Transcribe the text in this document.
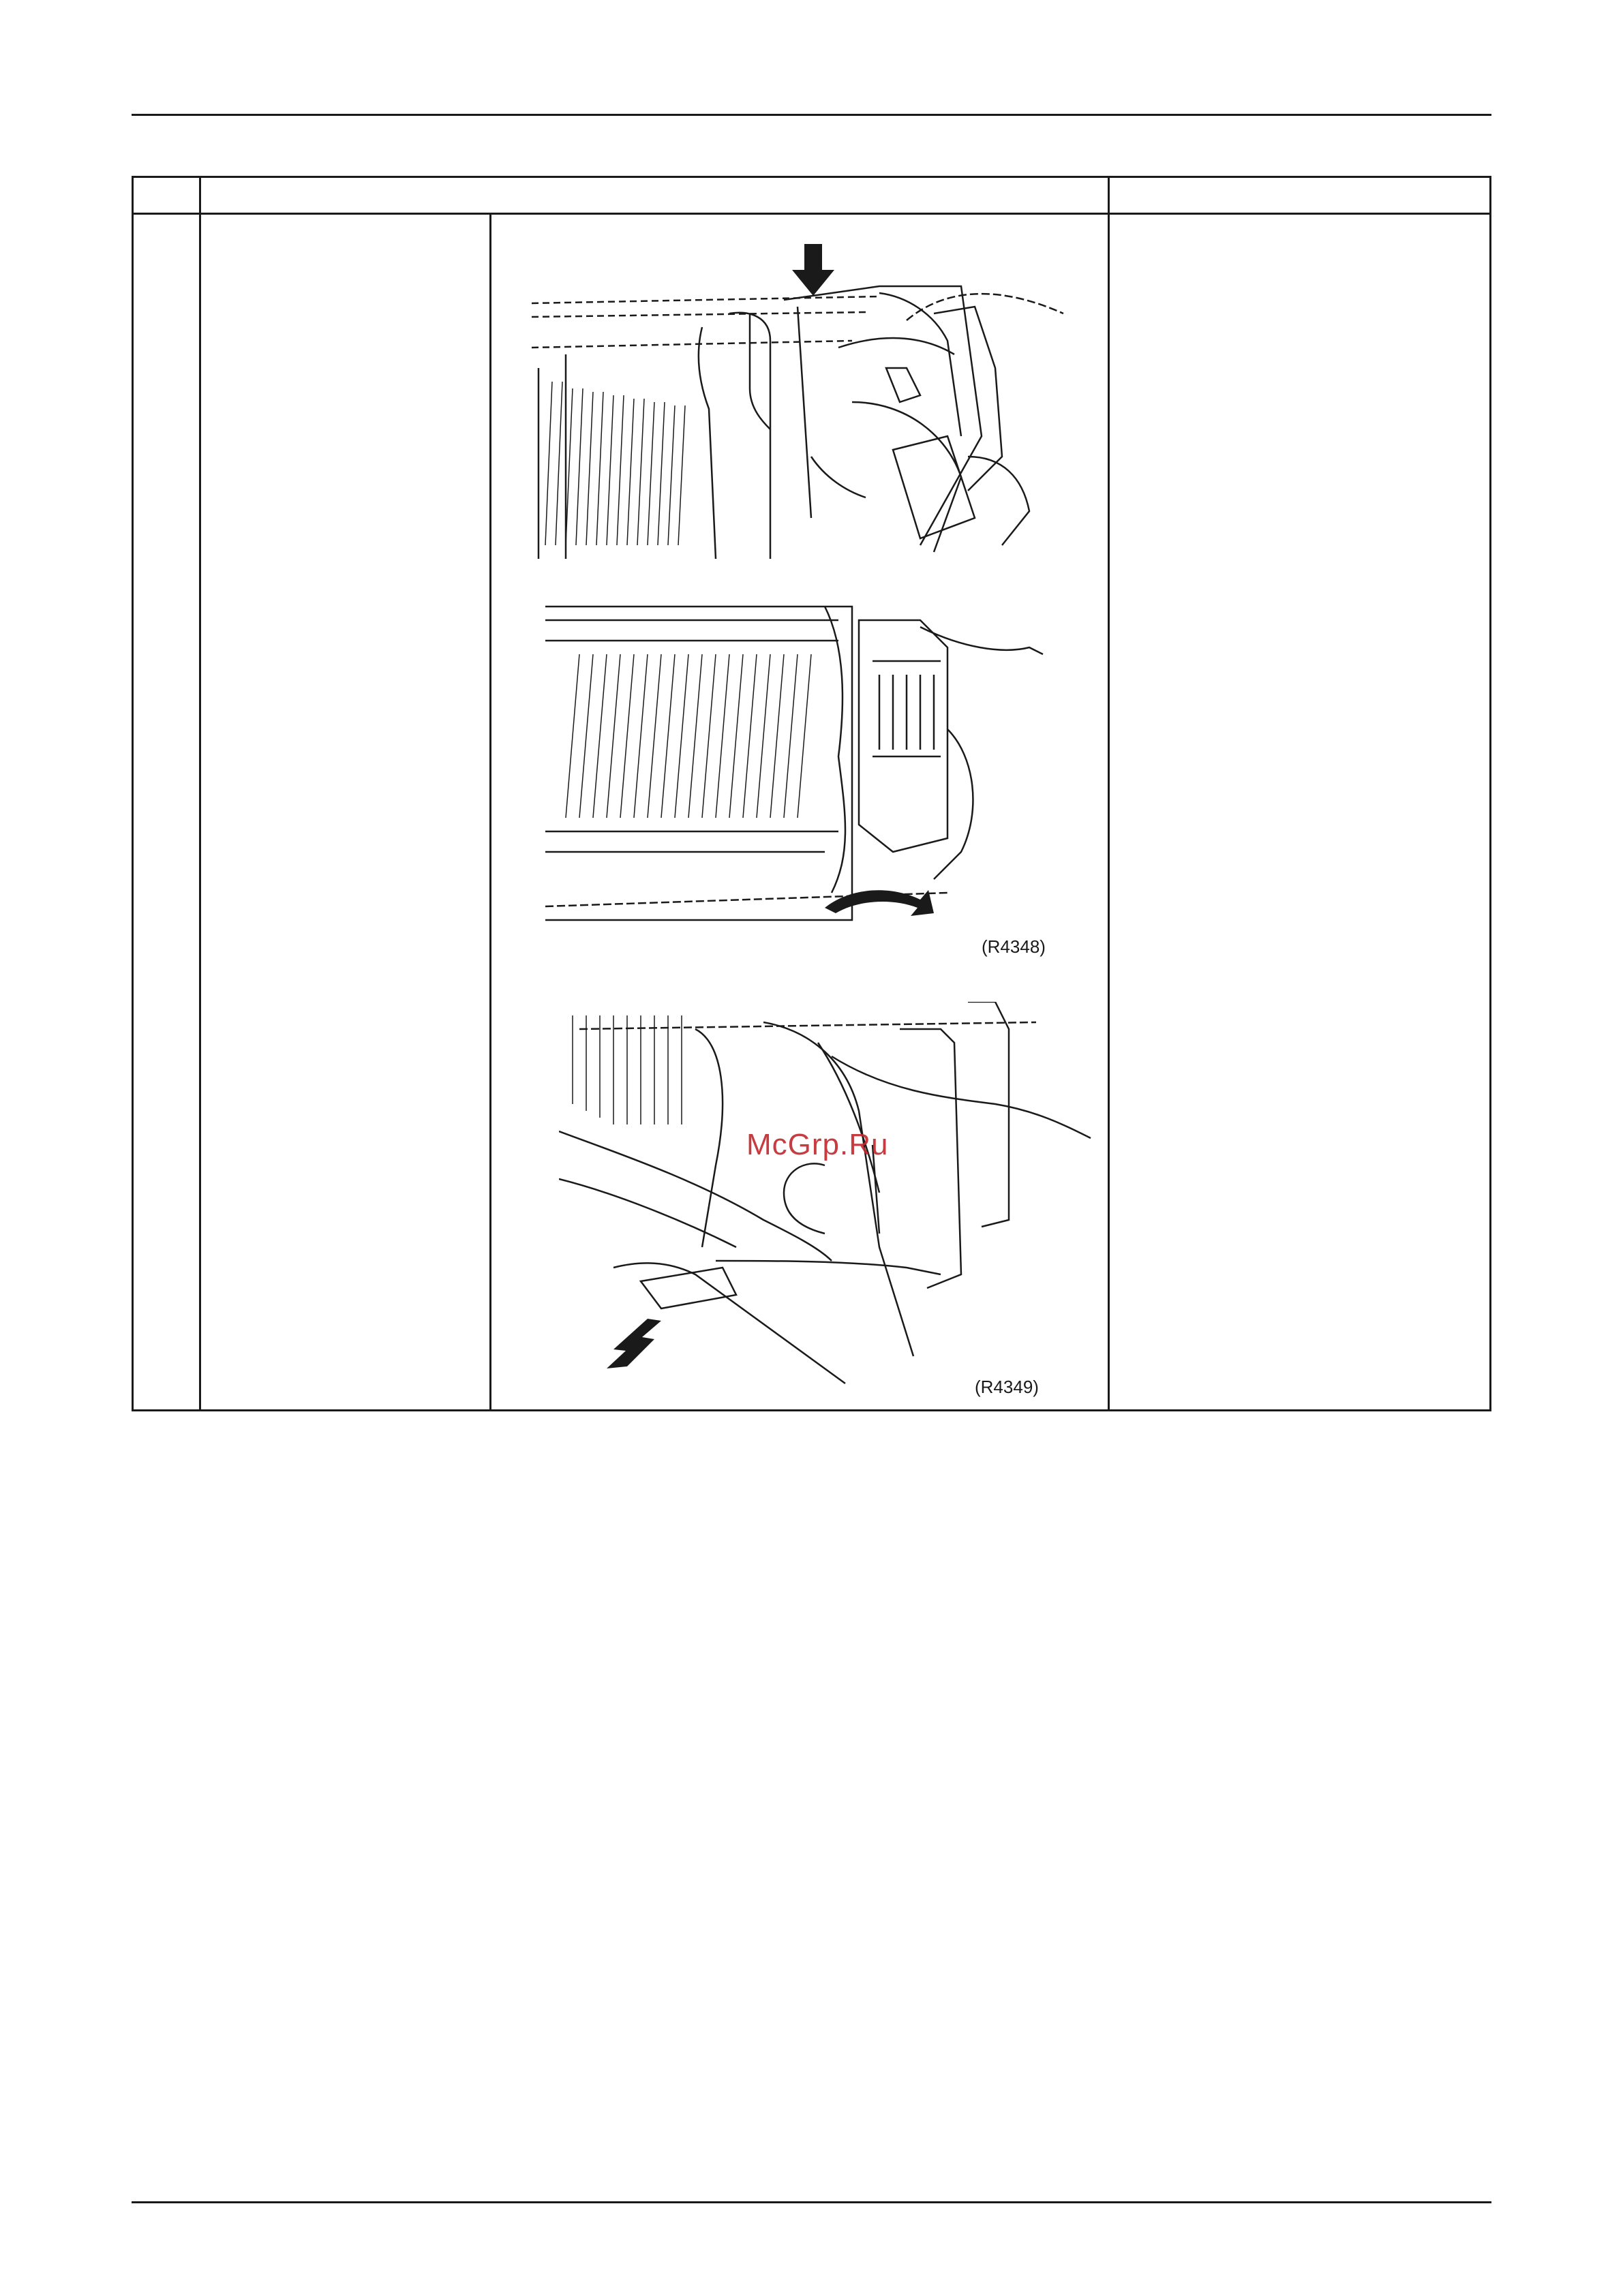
(R4348)
(R4349)
McGrp.Ru
